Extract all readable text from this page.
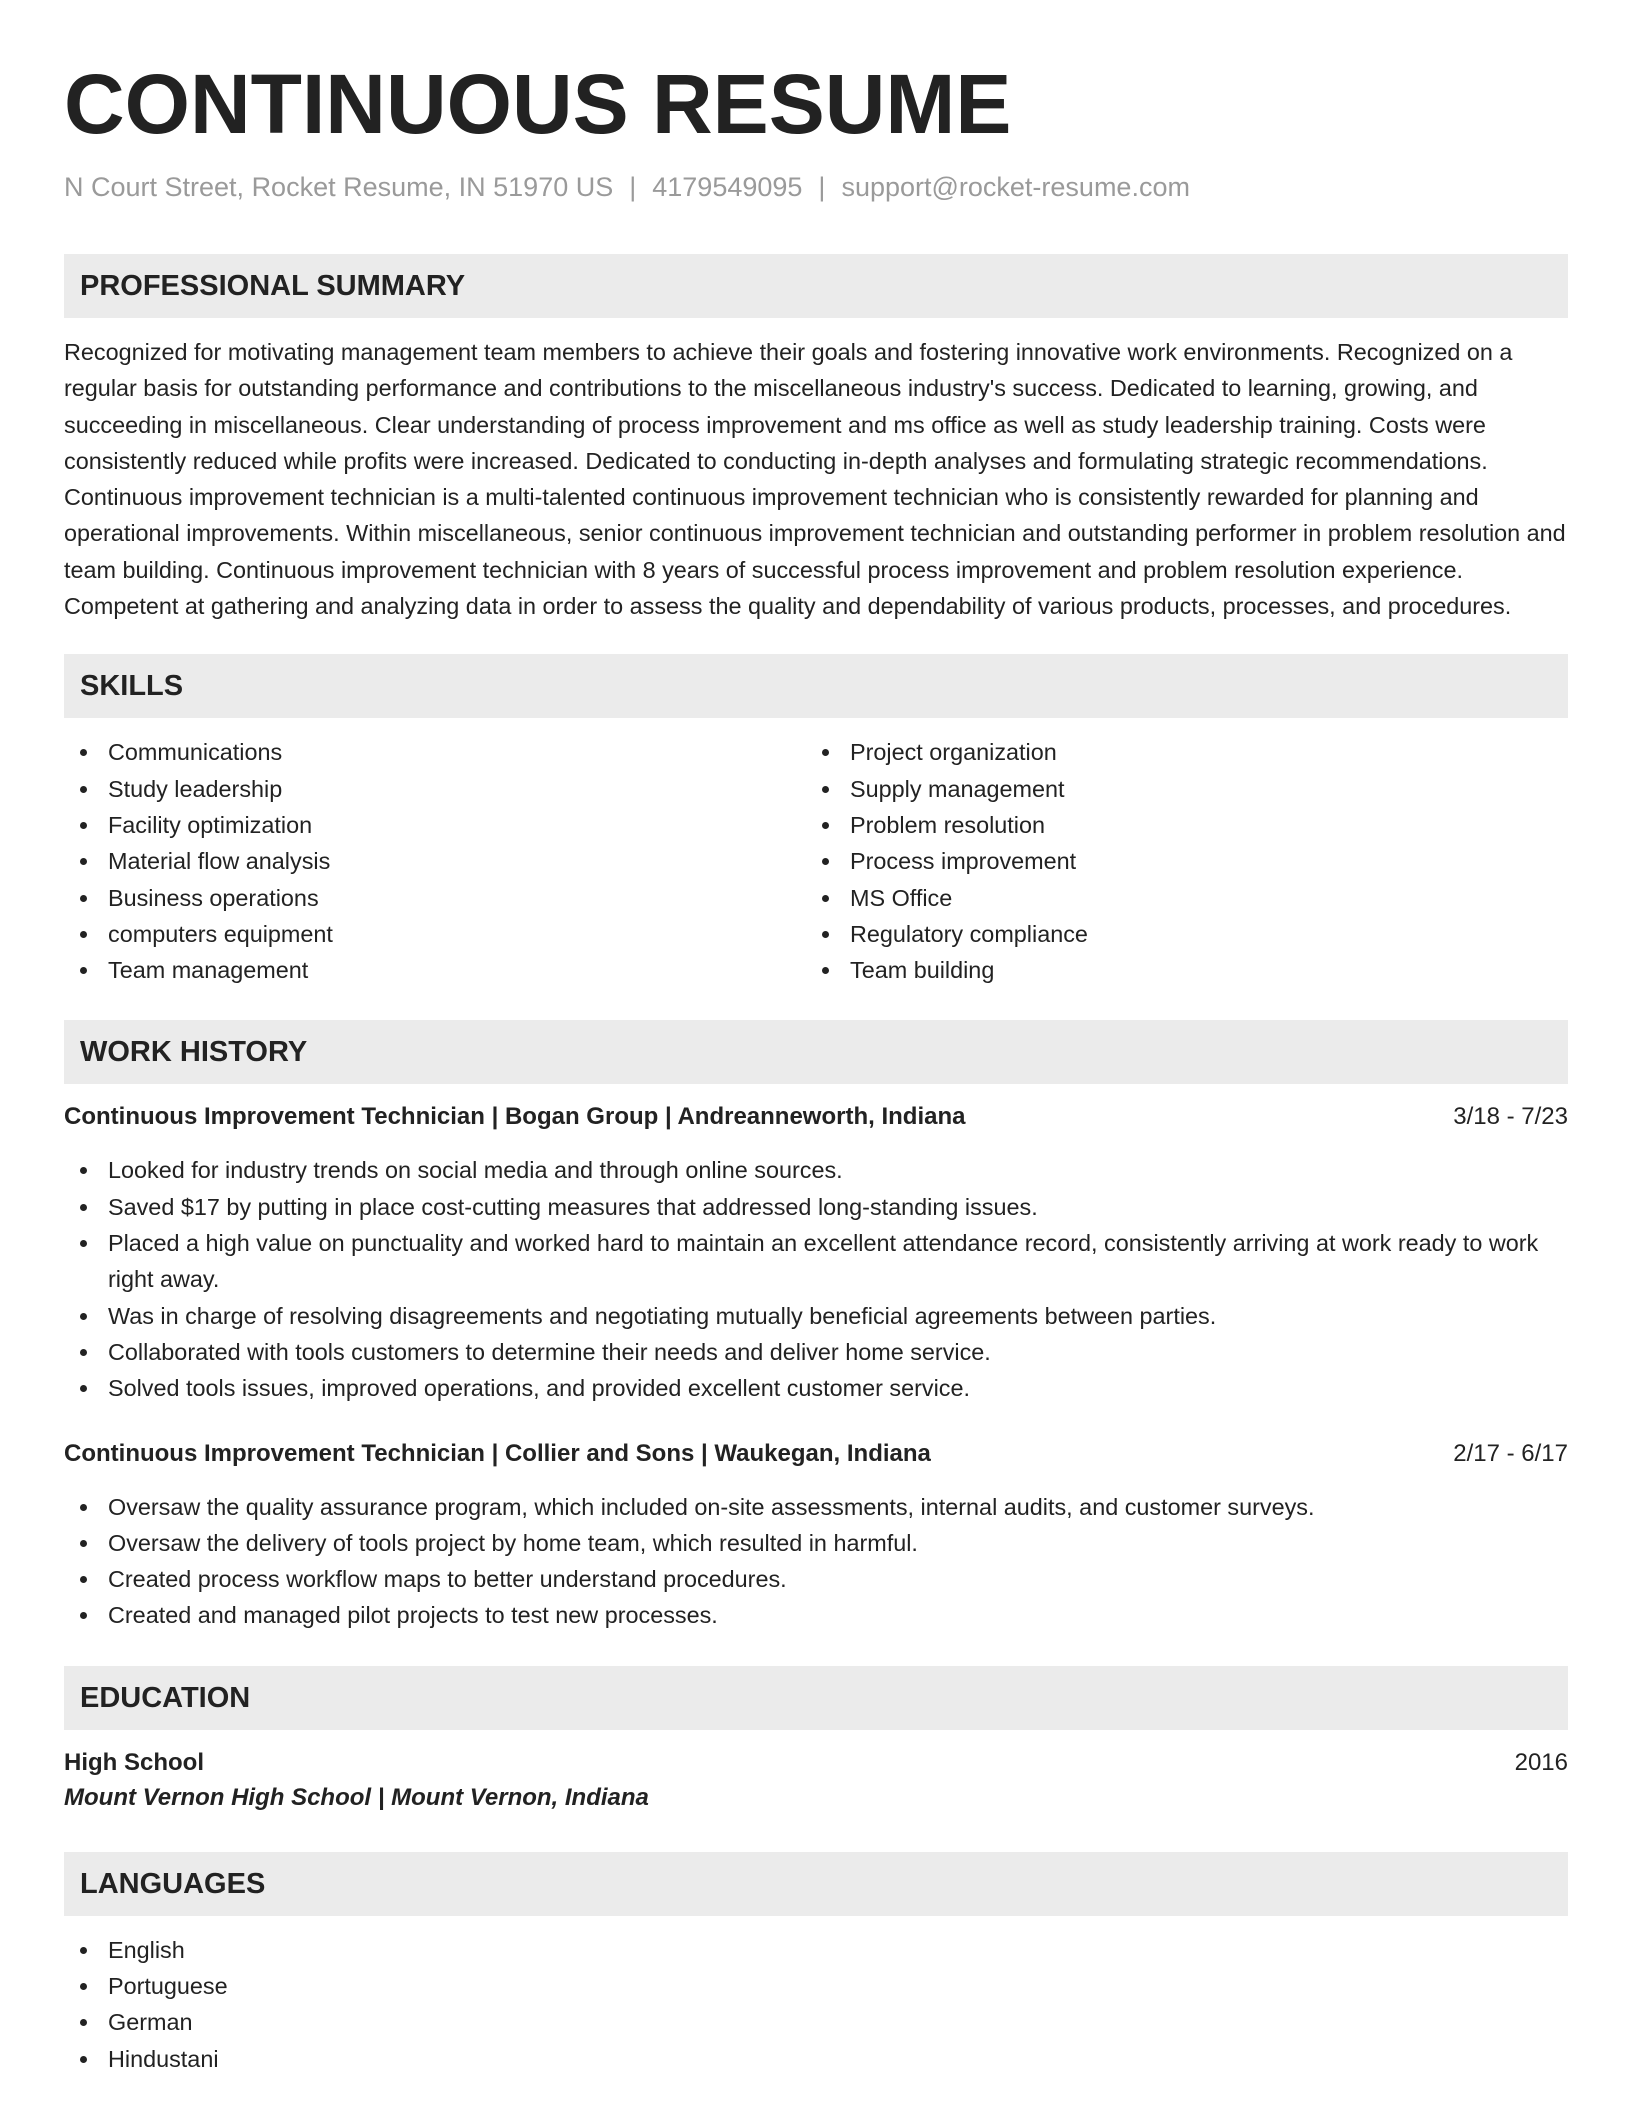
CONTINUOUS RESUME
N Court Street, Rocket Resume, IN 51970 US | 4179549095 | support@rocket-resume.com
PROFESSIONAL SUMMARY

Recognized for motivating management team members to achieve their goals and fostering innovative work environments. Recognized on a regular basis for outstanding performance and contributions to the miscellaneous industry's success. Dedicated to learning, growing, and succeeding in miscellaneous. Clear understanding of process improvement and ms office as well as study leadership training. Costs were consistently reduced while profits were increased. Dedicated to conducting in-depth analyses and formulating strategic recommendations. Continuous improvement technician is a multi-talented continuous improvement technician who is consistently rewarded for planning and operational improvements. Within miscellaneous, senior continuous improvement technician and outstanding performer in problem resolution and team building. Continuous improvement technician with 8 years of successful process improvement and problem resolution experience. Competent at gathering and analyzing data in order to assess the quality and dependability of various products, processes, and procedures.

SKILLS
Communications
Study leadership
Facility optimization
Material flow analysis
Business operations
computers equipment
Team management
Project organization
Supply management
Problem resolution
Process improvement
MS Office
Regulatory compliance
Team building
WORK HISTORY
Continuous Improvement Technician | Bogan Group | Andreanneworth, Indiana	3/18 - 7/23
Looked for industry trends on social media and through online sources.
Saved $17 by putting in place cost-cutting measures that addressed long-standing issues.
Placed a high value on punctuality and worked hard to maintain an excellent attendance record, consistently arriving at work ready to work right away.
Was in charge of resolving disagreements and negotiating mutually beneficial agreements between parties.
Collaborated with tools customers to determine their needs and deliver home service.
Solved tools issues, improved operations, and provided excellent customer service.
Continuous Improvement Technician | Collier and Sons | Waukegan, Indiana	2/17 - 6/17
Oversaw the quality assurance program, which included on-site assessments, internal audits, and customer surveys.
Oversaw the delivery of tools project by home team, which resulted in harmful.
Created process workflow maps to better understand procedures.
Created and managed pilot projects to test new processes.
EDUCATION
High School	2016
Mount Vernon High School | Mount Vernon, Indiana
LANGUAGES
English
Portuguese
German
Hindustani
